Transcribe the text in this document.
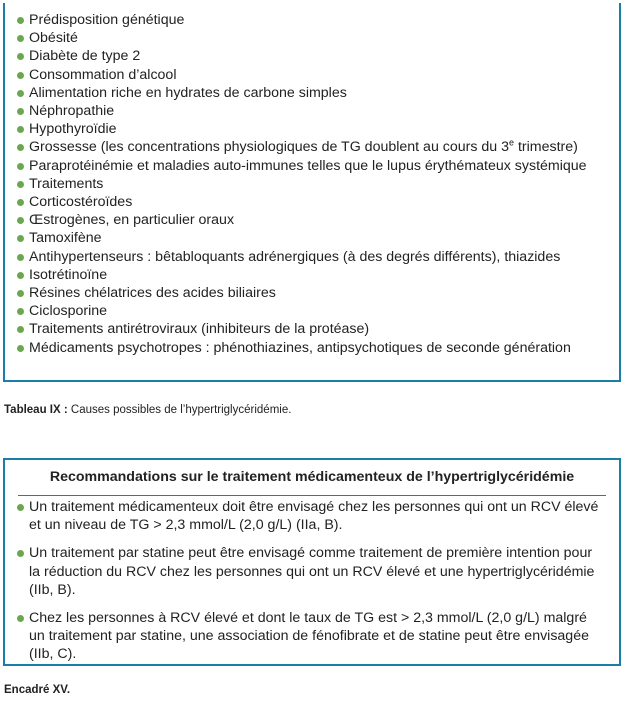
Prédisposition génétique
Obésité
Diabète de type 2
Consommation d’alcool
Alimentation riche en hydrates de carbone simples
Néphropathie
Hypothyroïdie
Grossesse (les concentrations physiologiques de TG doublent au cours du 3e trimestre)
Paraprotéinémie et maladies auto-immunes telles que le lupus érythémateux systémique
Traitements
Corticostéroïdes
Œstrogènes, en particulier oraux
Tamoxifène
Antihypertenseurs : bêtabloquants adrénergiques (à des degrés différents), thiazides
Isotrétinoïne
Résines chélatrices des acides biliaires
Ciclosporine
Traitements antirétroviraux (inhibiteurs de la protéase)
Médicaments psychotropes : phénothiazines, antipsychotiques de seconde génération
Tableau IX : Causes possibles de l’hypertriglycéridémie.
Recommandations sur le traitement médicamenteux de l’hypertriglycéridémie
Un traitement médicamenteux doit être envisagé chez les personnes qui ont un RCV élevé et un niveau de TG > 2,3 mmol/L (2,0 g/L) (IIa, B).
Un traitement par statine peut être envisagé comme traitement de première intention pour la réduction du RCV chez les personnes qui ont un RCV élevé et une hypertriglycéridémie (IIb, B).
Chez les personnes à RCV élevé et dont le taux de TG est > 2,3 mmol/L (2,0 g/L) malgré un traitement par statine, une association de fénofibrate et de statine peut être envisagée (IIb, C).
Encadré XV.
